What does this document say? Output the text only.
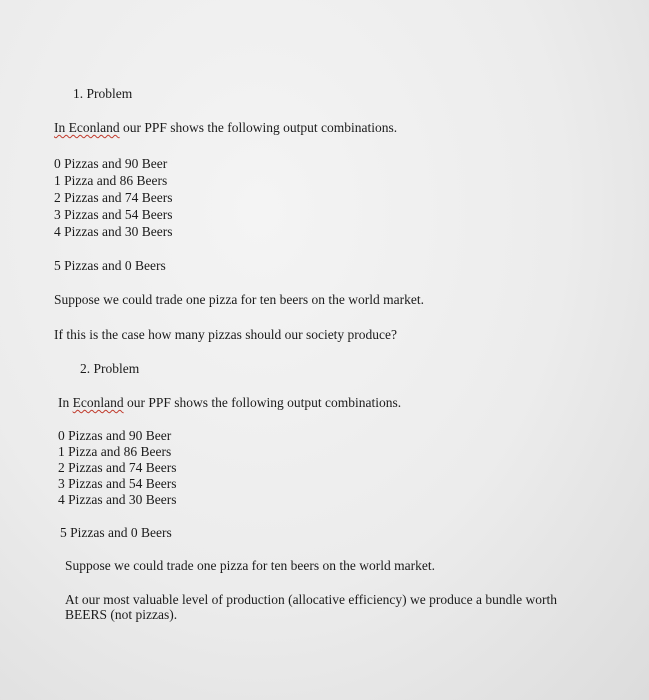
1. Problem
In Econland our PPF shows the following output combinations.
0 Pizzas and 90 Beer
1 Pizza and 86 Beers
2 Pizzas and 74 Beers
3 Pizzas and 54 Beers
4 Pizzas and 30 Beers
5 Pizzas and 0 Beers
Suppose we could trade one pizza for ten beers on the world market.
If this is the case how many pizzas should our society produce?
2. Problem
In Econland our PPF shows the following output combinations.
0 Pizzas and 90 Beer
1 Pizza and 86 Beers
2 Pizzas and 74 Beers
3 Pizzas and 54 Beers
4 Pizzas and 30 Beers
5 Pizzas and 0 Beers
Suppose we could trade one pizza for ten beers on the world market.
At our most valuable level of production (allocative efficiency) we produce a bundle worth
BEERS (not pizzas).
